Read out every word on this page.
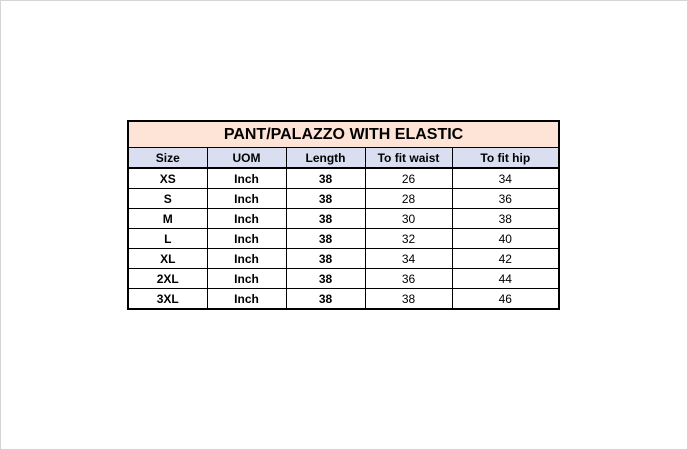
PANT/PALAZZO WITH ELASTIC				
Size	UOM	Length	To fit waist	To fit hip
XS	Inch	38	26	34
S	Inch	38	28	36
M	Inch	38	30	38
L	Inch	38	32	40
XL	Inch	38	34	42
2XL	Inch	38	36	44
3XL	Inch	38	38	46
